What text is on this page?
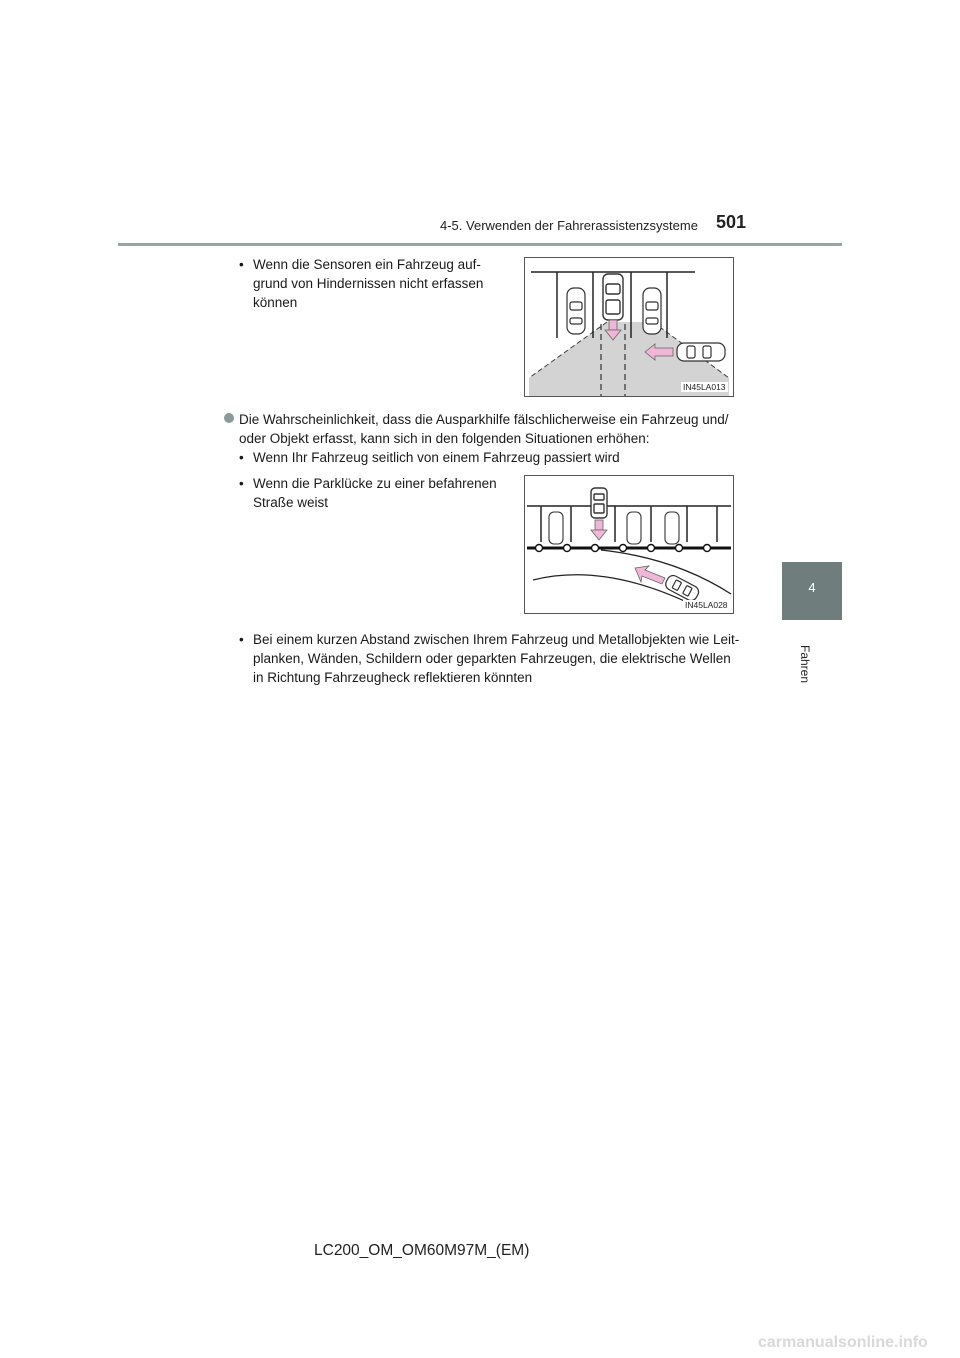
4-5. Verwenden der Fahrerassistenzsysteme 501
4
Fahren
• Wenn die Sensoren ein Fahrzeug auf-
grund von Hindernissen nicht erfassen
können
IN45LA013
Die Wahrscheinlichkeit, dass die Ausparkhilfe fälschlicherweise ein Fahrzeug und/
oder Objekt erfasst, kann sich in den folgenden Situationen erhöhen:
• Wenn Ihr Fahrzeug seitlich von einem Fahrzeug passiert wird
• Wenn die Parklücke zu einer befahrenen
Straße weist
IN45LA028
• Bei einem kurzen Abstand zwischen Ihrem Fahrzeug und Metallobjekten wie Leit-
planken, Wänden, Schildern oder geparkten Fahrzeugen, die elektrische Wellen
in Richtung Fahrzeugheck reflektieren könnten
LC200_OM_OM60M97M_(EM)
carmanualsonline.info
